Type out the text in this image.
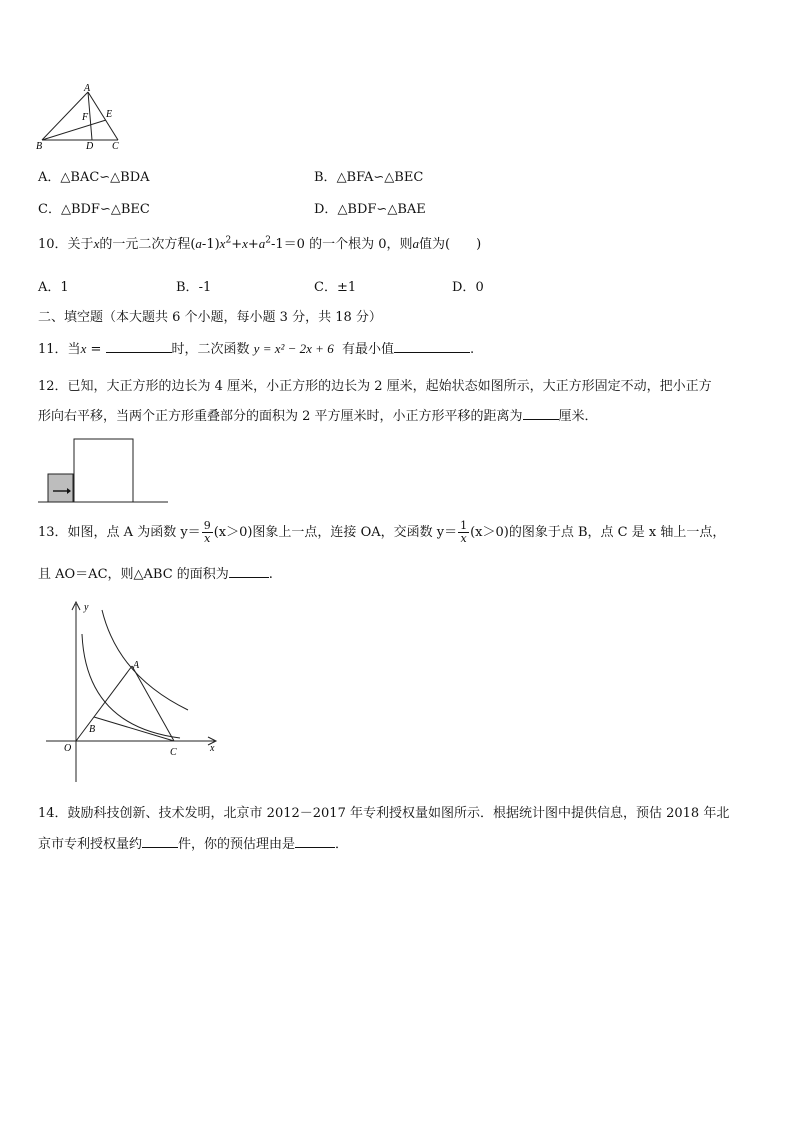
A
B	C
D
E
F
A．△BAC∽△BDA	B．△BFA∽△BEC
C．△BDF∽△BEC	D．△BDF∽△BAE
10．关于x的一元二次方程$(a-1)x^2+x+a^2-1=0$ 的一个根为 0，则a值为(　　)
A．1	B．-1	C．±1	D．0
二、填空题（本大题共 6 个小题，每小题 3 分，共 18 分）
11．当x =	时，二次函数 y = x² − 2x + 6 有最小值	.
12．已知，大正方形的边长为 4 厘米，小正方形的边长为 2 厘米，起始状态如图所示，大正方形固定不动，把小正方
形向右平移，当两个正方形重叠部分的面积为 2 平方厘米时，小正方形平移的距离为	厘米．
13．如图，点 A 为函数 $y= \frac{9}{x} (x>0)$图象上一点，连接 OA，交函数 $y= \frac{1}{x} (x>0)$的图象于点 B，点 C 是 x 轴上一点，
且 AO＝AC，则△ABC 的面积为	.
y
x
O
A
B
C
14．鼓励科技创新、技术发明，北京市 2012－2017 年专利授权量如图所示．根据统计图中提供信息，预估 2018 年北
京市专利授权量约	件，你的预估理由是	．
